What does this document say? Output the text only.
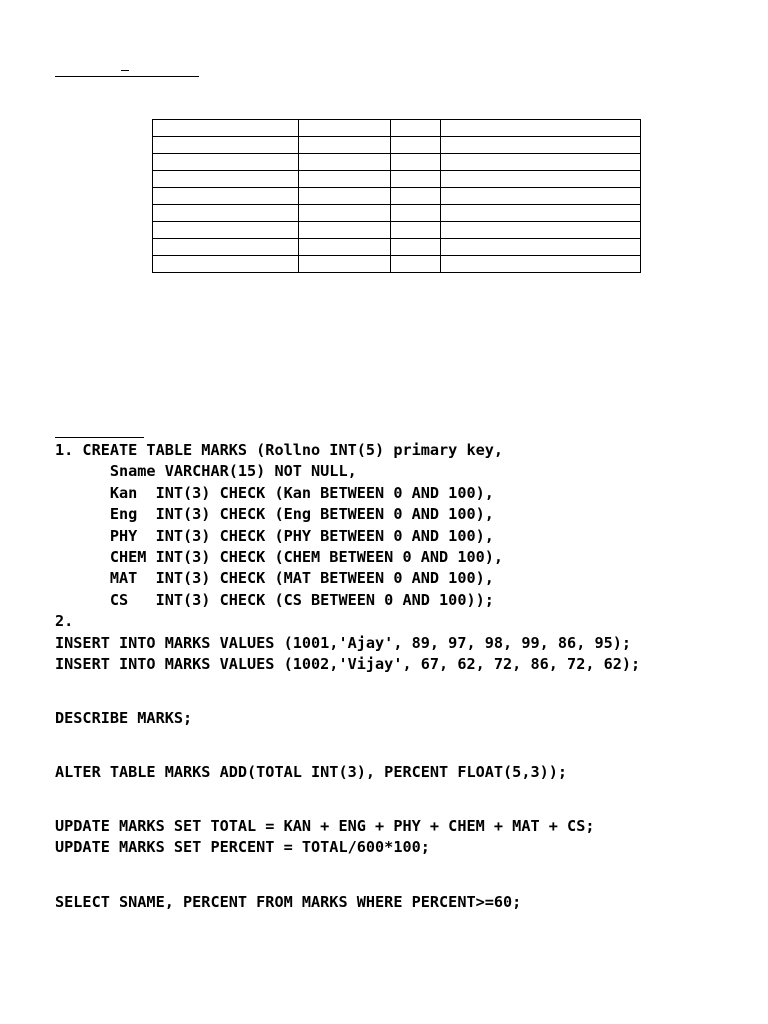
1. CREATE TABLE MARKS (Rollno INT(5) primary key,
Sname VARCHAR(15) NOT NULL,
Kan  INT(3) CHECK (Kan BETWEEN 0 AND 100),
Eng  INT(3) CHECK (Eng BETWEEN 0 AND 100),
PHY  INT(3) CHECK (PHY BETWEEN 0 AND 100),
CHEM INT(3) CHECK (CHEM BETWEEN 0 AND 100),
MAT  INT(3) CHECK (MAT BETWEEN 0 AND 100),
CS   INT(3) CHECK (CS BETWEEN 0 AND 100));
2.
INSERT INTO MARKS VALUES (1001,'Ajay', 89, 97, 98, 99, 86, 95);
INSERT INTO MARKS VALUES (1002,'Vijay', 67, 62, 72, 86, 72, 62);
DESCRIBE MARKS;
ALTER TABLE MARKS ADD(TOTAL INT(3), PERCENT FLOAT(5,3));
UPDATE MARKS SET TOTAL = KAN + ENG + PHY + CHEM + MAT + CS;
UPDATE MARKS SET PERCENT = TOTAL/600*100;
SELECT SNAME, PERCENT FROM MARKS WHERE PERCENT>=60;
